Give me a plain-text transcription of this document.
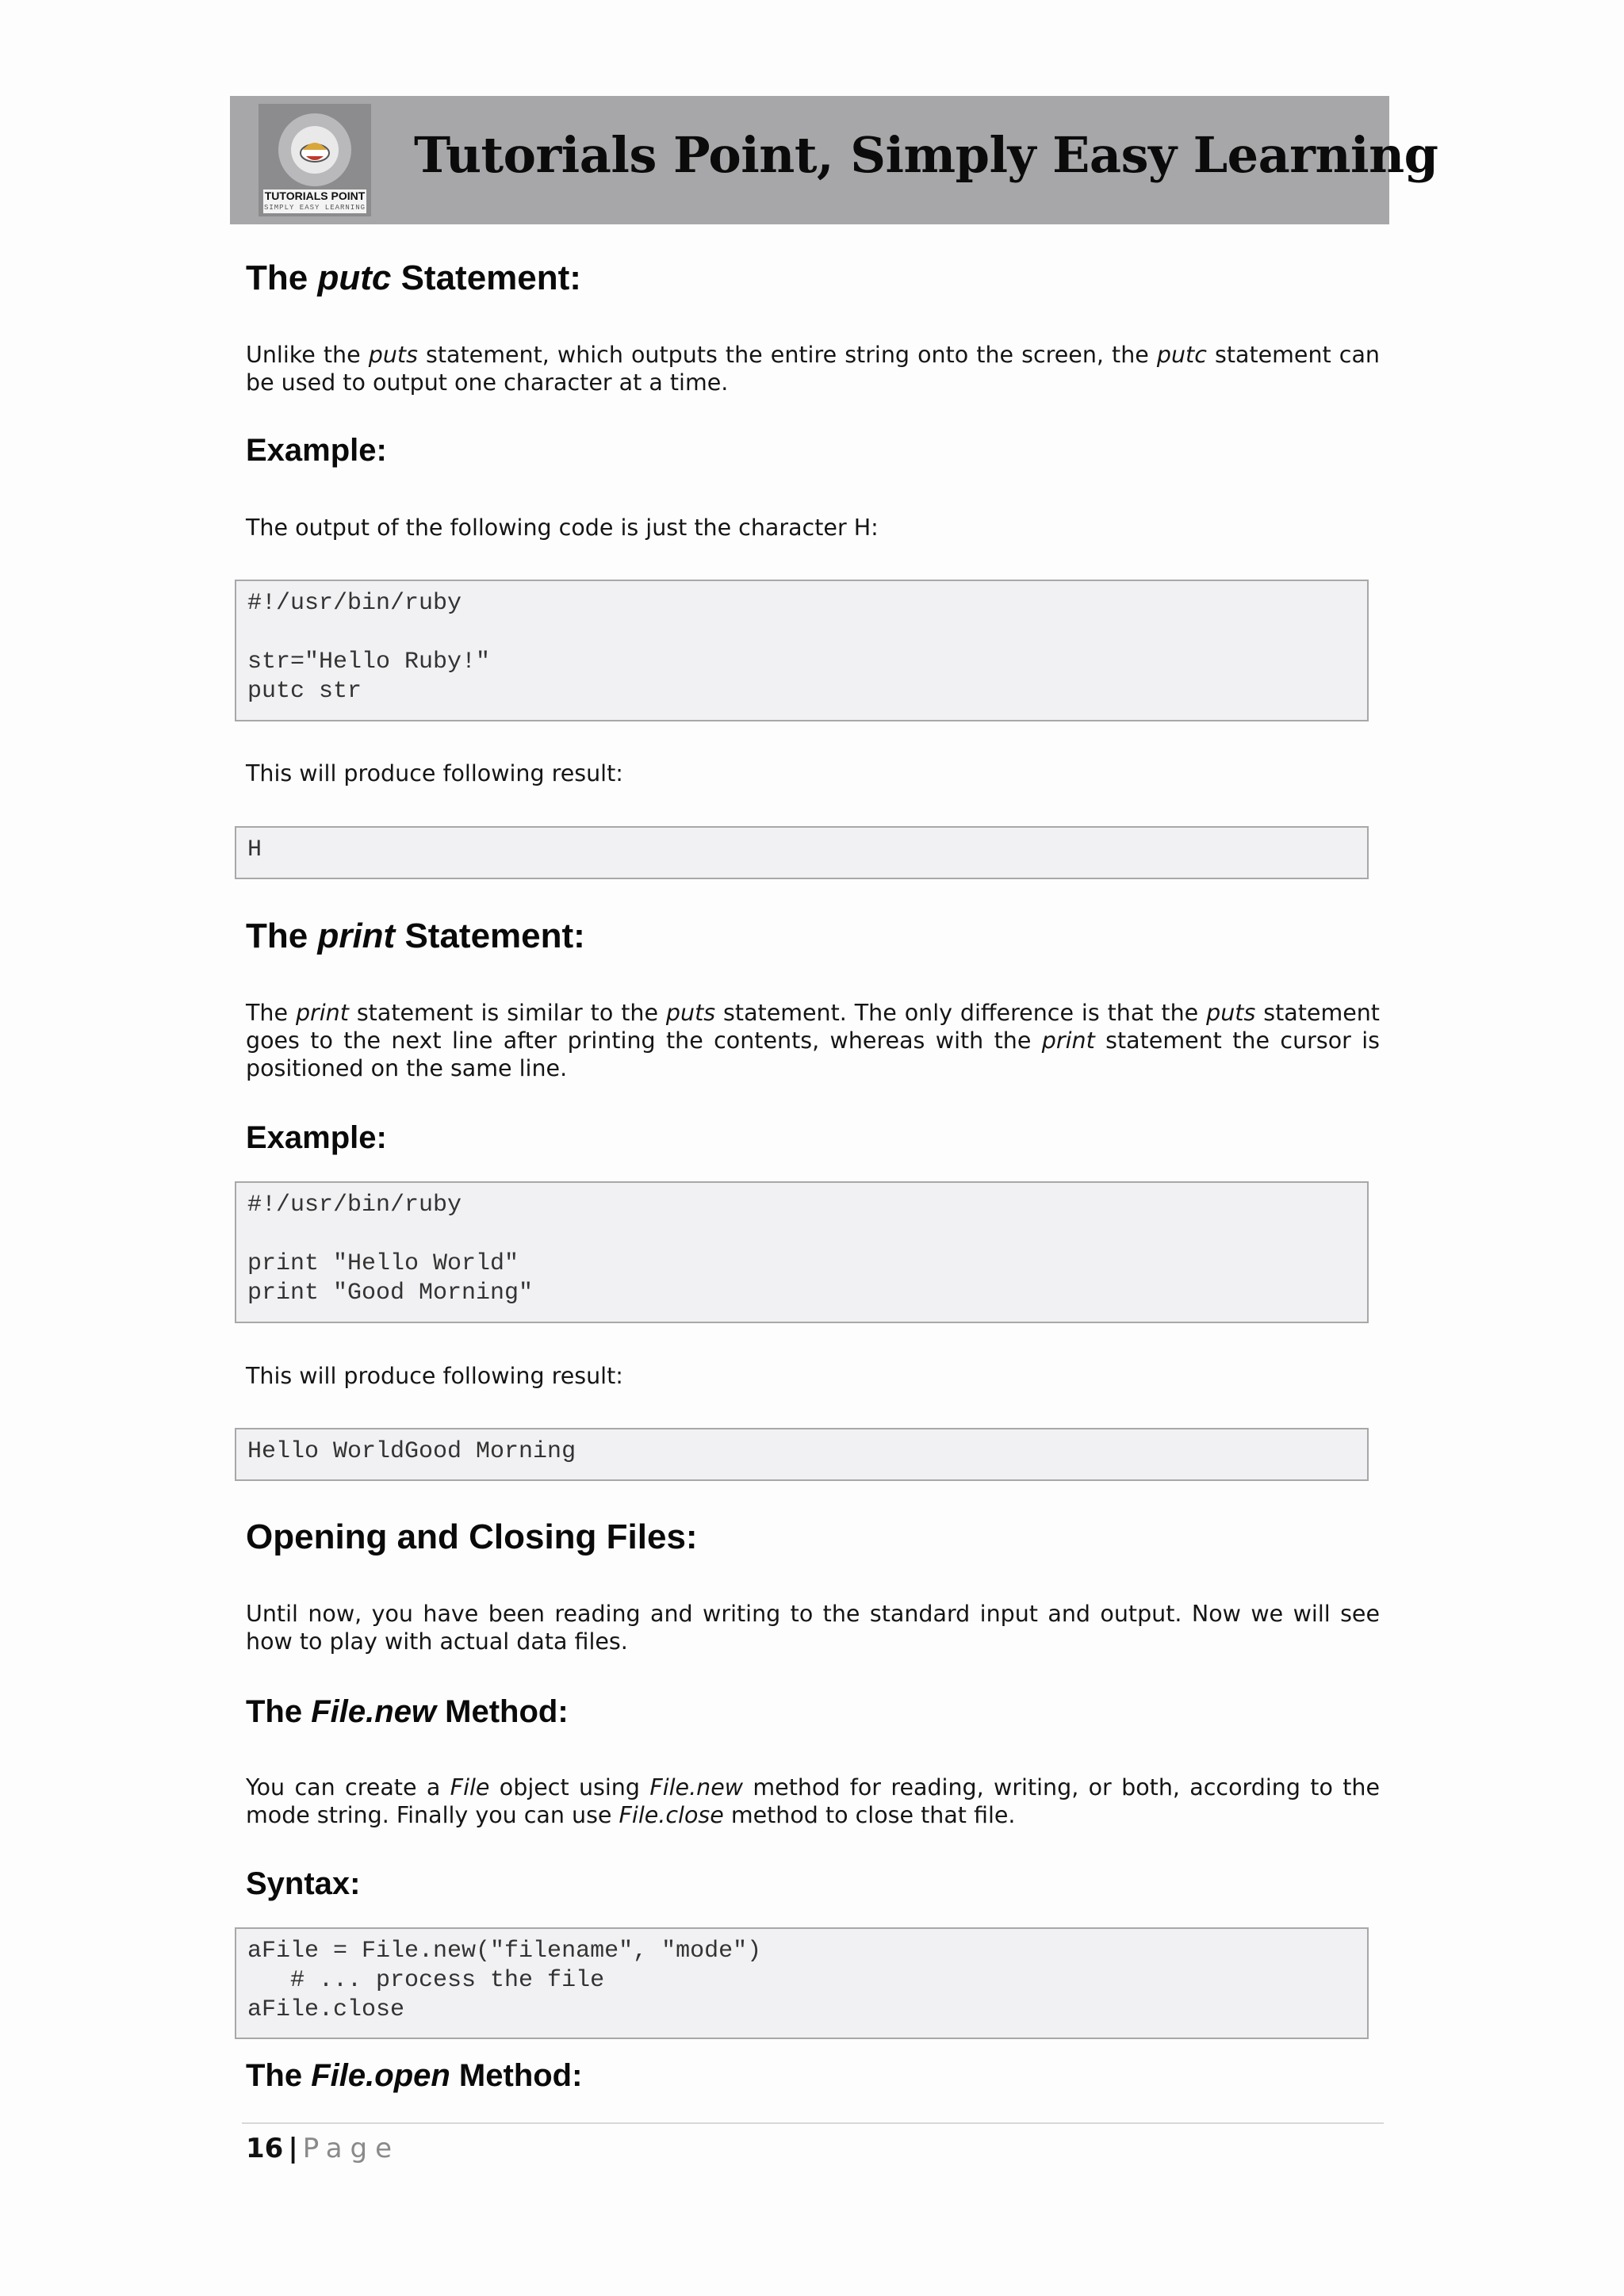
TUTORIALS POINT
SIMPLY EASY LEARNING
Tutorials Point, Simply Easy Learning
The putc Statement:

Unlike the puts statement, which outputs the entire string onto the screen, the putc statement can be used to output one character at a time.

Example:

The output of the following code is just the character H:

#!/usr/bin/ruby

str="Hello Ruby!"
putc str

This will produce following result:

H
The print Statement:

The print statement is similar to the puts statement. The only difference is that the puts statement goes to the next line after printing the contents, whereas with the print statement the cursor is positioned on the same line.

Example:
#!/usr/bin/ruby

print "Hello World"
print "Good Morning"

This will produce following result:

Hello WorldGood Morning
Opening and Closing Files:

Until now, you have been reading and writing to the standard input and output. Now we will see how to play with actual data files.

The File.new Method:

You can create a File object using File.new method for reading, writing, or both, according to the mode string. Finally you can use File.close method to close that file.

Syntax:
aFile = File.new("filename", "mode")
# ... process the file
aFile.close
The File.open Method:
16 | Page
